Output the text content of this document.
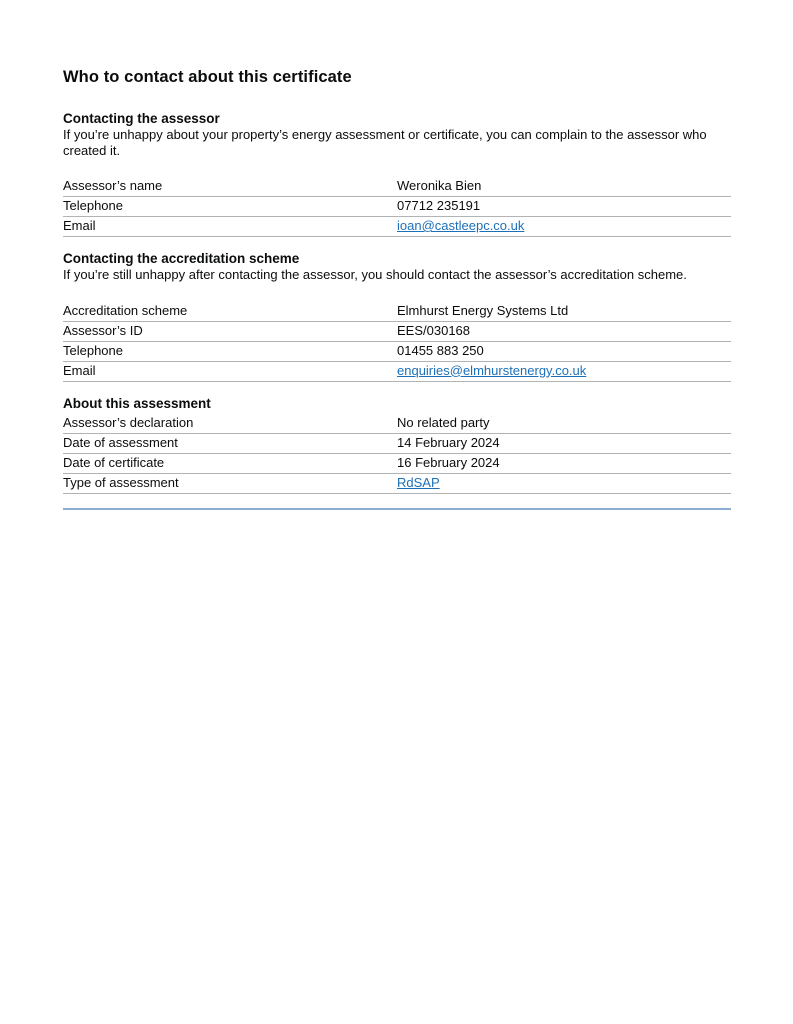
Who to contact about this certificate
Contacting the assessor

If you’re unhappy about your property’s energy assessment or certificate, you can complain to the assessor who created it.

Assessor’s name	Weronika Bien
Telephone	07712 235191
Email	ioan@castleepc.co.uk
Contacting the accreditation scheme

If you’re still unhappy after contacting the assessor, you should contact the assessor’s accreditation scheme.

Accreditation scheme	Elmhurst Energy Systems Ltd
Assessor’s ID	EES/030168
Telephone	01455 883 250
Email	enquiries@elmhurstenergy.co.uk
About this assessment
Assessor’s declaration	No related party
Date of assessment	14 February 2024
Date of certificate	16 February 2024
Type of assessment	RdSAP
